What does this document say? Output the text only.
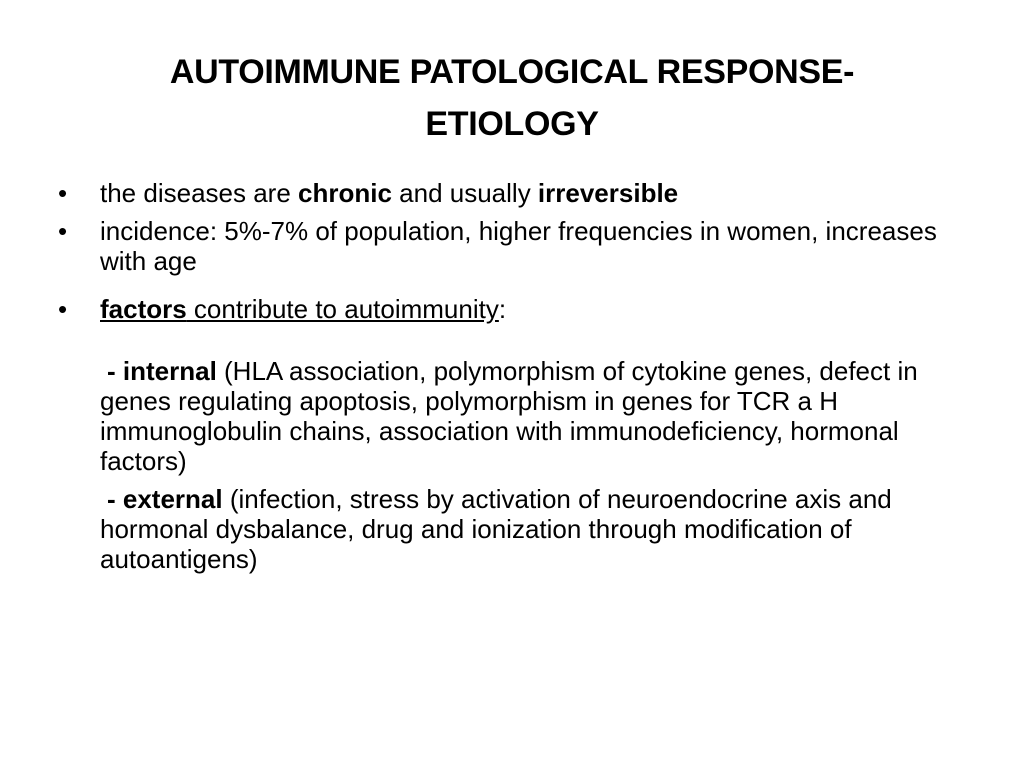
AUTOIMMUNE PATOLOGICAL RESPONSE-
ETIOLOGY
•	the diseases are chronic and usually irreversible
•	incidence: 5%-7% of population, higher frequencies in women, increases with age
•	factors contribute to autoimmunity:
- internal (HLA association, polymorphism of cytokine genes, defect in genes regulating apoptosis, polymorphism in genes for TCR a H immunoglobulin chains, association with immunodeficiency, hormonal factors)
- external (infection, stress by activation of neuroendocrine axis and hormonal dysbalance, drug and ionization through modification of autoantigens)
